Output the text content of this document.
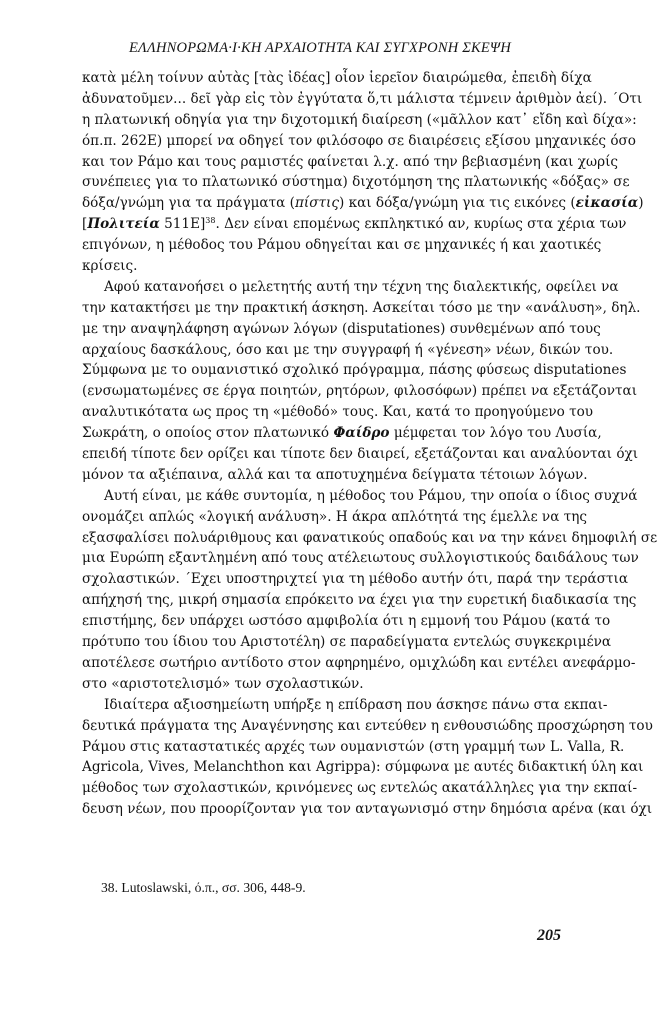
ΕΛΛΗΝΟΡΩΜΑ·Ι·ΚΗ ΑΡΧΑΙΟΤΗΤΑ ΚΑΙ ΣΥΓΧΡΟΝΗ ΣΚΕΨΗ
κατὰ μέλη τοίνυν αὐτὰς [τὰς ἰδέας] οἷον ἱερεῖον διαιρώμεθα, ἐπειδὴ δίχα
ἀδυνατοῦμεν... δεῖ γὰρ εἰς τὸν ἐγγύτατα ὅ,τι μάλιστα τέμνειν ἀριθμὸν ἀεί). ΄Οτι
η πλατωνική οδηγία για την διχοτομική διαίρεση («μᾶλλον κατ᾽ εἴδη καὶ δίχα»:
όπ.π. 262E) μπορεί να οδηγεί τον φιλόσοφο σε διαιρέσεις εξίσου μηχανικές όσο
και τον Ράμο και τους ραμιστές φαίνεται λ.χ. από την βεβιασμένη (και χωρίς
συνέπειες για το πλατωνικό σύστημα) διχοτόμηση της πλατωνικής «δόξας» σε
δόξα/γνώμη για τα πράγματα (πίστις) και δόξα/γνώμη για τις εικόνες (εἰκασία)
[Πολιτεία 511E]$^{38}$. Δεν είναι επομένως εκπληκτικό αν, κυρίως στα χέρια των
επιγόνων, η μέθοδος του Ράμου οδηγείται και σε μηχανικές ή και χαοτικές
κρίσεις.
Αφού κατανοήσει ο μελετητής αυτή την τέχνη της διαλεκτικής, οφείλει να
την κατακτήσει με την πρακτική άσκηση. Ασκείται τόσο με την «ανάλυση», δηλ.
με την αναψηλάφηση αγώνων λόγων (disputationes) συνθεμένων από τους
αρχαίους δασκάλους, όσο και με την συγγραφή ή «γένεση» νέων, δικών του.
Σύμφωνα με το ουμανιστικό σχολικό πρόγραμμα, πάσης φύσεως disputationes
(ενσωματωμένες σε έργα ποιητών, ρητόρων, φιλοσόφων) πρέπει να εξετάζονται
αναλυτικότατα ως προς τη «μέθοδό» τους. Και, κατά το προηγούμενο του
Σωκράτη, ο οποίος στον πλατωνικό Φαίδρο μέμφεται τον λόγο του Λυσία,
επειδή τίποτε δεν ορίζει και τίποτε δεν διαιρεί, εξετάζονται και αναλύονται όχι
μόνον τα αξιέπαινα, αλλά και τα αποτυχημένα δείγματα τέτοιων λόγων.
Αυτή είναι, με κάθε συντομία, η μέθοδος του Ράμου, την οποία ο ίδιος συχνά
ονομάζει απλώς «λογική ανάλυση». Η άκρα απλότητά της έμελλε να της
εξασφαλίσει πολυάριθμους και φανατικούς οπαδούς και να την κάνει δημοφιλή σε
μια Ευρώπη εξαντλημένη από τους ατέλειωτους συλλογιστικούς δαιδάλους των
σχολαστικών. ΄Εχει υποστηριχτεί για τη μέθοδο αυτήν ότι, παρά την τεράστια
απήχησή της, μικρή σημασία επρόκειτο να έχει για την ευρετική διαδικασία της
επιστήμης, δεν υπάρχει ωστόσο αμφιβολία ότι η εμμονή του Ράμου (κατά το
πρότυπο του ίδιου του Αριστοτέλη) σε παραδείγματα εντελώς συγκεκριμένα
αποτέλεσε σωτήριο αντίδοτο στον αφηρημένο, ομιχλώδη και εντέλει ανεφάρμο-
στο «αριστοτελισμό» των σχολαστικών.
Ιδιαίτερα αξιοσημείωτη υπήρξε η επίδραση που άσκησε πάνω στα εκπαι-
δευτικά πράγματα της Αναγέννησης και εντεύθεν η ενθουσιώδης προσχώρηση του
Ράμου στις καταστατικές αρχές των ουμανιστών (στη γραμμή των L. Valla, R.
Agricola, Vives, Melanchthon και Agrippa): σύμφωνα με αυτές διδακτική ύλη και
μέθοδος των σχολαστικών, κρινόμενες ως εντελώς ακατάλληλες για την εκπαί-
δευση νέων, που προορίζονταν για τον ανταγωνισμό στην δημόσια αρένα (και όχι
38. Lutoslawski, ό.π., σσ. 306, 448-9.
205
